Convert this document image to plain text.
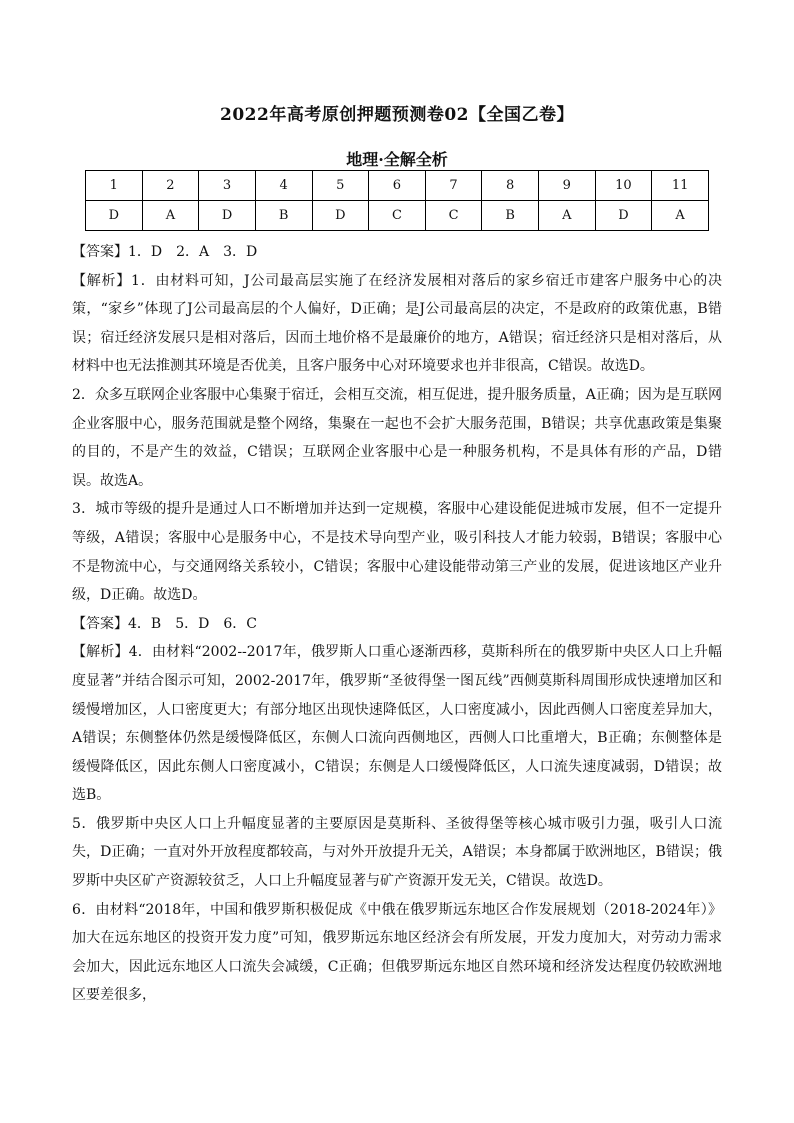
2022年高考原创押题预测卷02【全国乙卷】
地理·全解全析
1	2	3	4	5	6	7	8	9	10	11
D	A	D	B	D	C	C	B	A	D	A

【答案】1．D　2．A　3．D

【解析】1．由材料可知，J公司最高层实施了在经济发展相对落后的家乡宿迁市建客户服务中心的决策，“家乡”体现了J公司最高层的个人偏好，D正确；是J公司最高层的决定，不是政府的政策优惠，B错误；宿迁经济发展只是相对落后，因而土地价格不是最廉价的地方，A错误；宿迁经济只是相对落后，从材料中也无法推测其环境是否优美，且客户服务中心对环境要求也并非很高，C错误。故选D。

2．众多互联网企业客服中心集聚于宿迁，会相互交流，相互促进，提升服务质量，A正确；因为是互联网企业客服中心，服务范围就是整个网络，集聚在一起也不会扩大服务范围，B错误；共享优惠政策是集聚的目的，不是产生的效益，C错误；互联网企业客服中心是一种服务机构，不是具体有形的产品，D错误。故选A。

3．城市等级的提升是通过人口不断增加并达到一定规模，客服中心建设能促进城市发展，但不一定提升等级，A错误；客服中心是服务中心，不是技术导向型产业，吸引科技人才能力较弱，B错误；客服中心不是物流中心，与交通网络关系较小，C错误；客服中心建设能带动第三产业的发展，促进该地区产业升级，D正确。故选D。

【答案】4．B　5．D　6．C

【解析】4．由材料“2002--2017年，俄罗斯人口重心逐渐西移，莫斯科所在的俄罗斯中央区人口上升幅度显著”并结合图示可知，2002-2017年，俄罗斯“圣彼得堡一图瓦线”西侧莫斯科周围形成快速增加区和缓慢增加区，人口密度更大；有部分地区出现快速降低区，人口密度减小，因此西侧人口密度差异加大，A错误；东侧整体仍然是缓慢降低区，东侧人口流向西侧地区，西侧人口比重增大，B正确；东侧整体是缓慢降低区，因此东侧人口密度减小，C错误；东侧是人口缓慢降低区，人口流失速度减弱，D错误；故选B。

5．俄罗斯中央区人口上升幅度显著的主要原因是莫斯科、圣彼得堡等核心城市吸引力强，吸引人口流失，D正确；一直对外开放程度都较高，与对外开放提升无关，A错误；本身都属于欧洲地区，B错误；俄罗斯中央区矿产资源较贫乏，人口上升幅度显著与矿产资源开发无关，C错误。故选D。

6．由材料“2018年，中国和俄罗斯积极促成《中俄在俄罗斯远东地区合作发展规划（2018-2024年）》加大在远东地区的投资开发力度”可知，俄罗斯远东地区经济会有所发展，开发力度加大，对劳动力需求会加大，因此远东地区人口流失会减缓，C正确；但俄罗斯远东地区自然环境和经济发达程度仍较欧洲地区要差很多，
